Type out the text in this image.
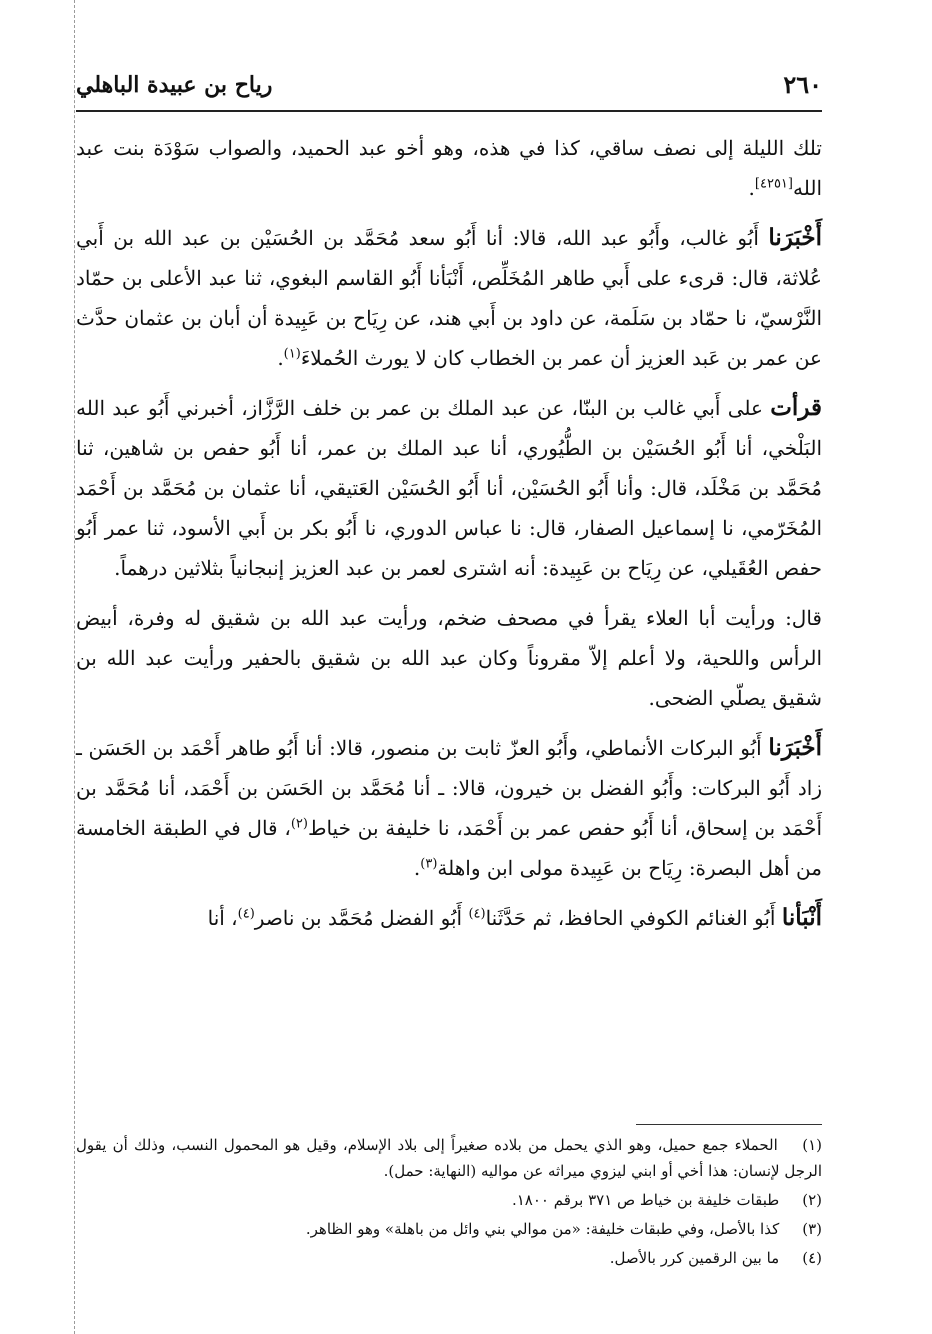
٢٦٠
رياح بن عبيدة الباهلي

تلك الليلة إلى نصف ساقي، كذا في هذه، وهو أخو عبد الحميد، والصواب سَوْدَة بنت عبد الله[٤٢٥١].

أَخْبَرَنا أَبُو غالب، وأَبُو عبد الله، قالا: أنا أَبُو سعد مُحَمَّد بن الحُسَيْن بن عبد الله بن أَبي عُلاثة، قال: قرىء على أَبي طاهر المُخَلِّص، أَنْبَأنا أَبُو القاسم البغوي، ثنا عبد الأعلى بن حمّاد النَّرْسيّ، نا حمّاد بن سَلَمة، عن داود بن أَبي هند، عن رِيَاح بن عَبِيدة أن أبان بن عثمان حدَّث عن عمر بن عَبد العزيز أن عمر بن الخطاب كان لا يورث الحُملاءَ$^{(١)}$.

قرأت على أَبي غالب بن البنّا، عن عبد الملك بن عمر بن خلف الرَّزَّاز، أخبرني أَبُو عبد الله البَلْخي، أنا أَبُو الحُسَيْن بن الطُّيُوري، أنا عبد الملك بن عمر، أنا أَبُو حفص بن شاهين، ثنا مُحَمَّد بن مَخْلَد، قال: وأنا أَبُو الحُسَيْن، أنا أَبُو الحُسَيْن العَتيقي، أنا عثمان بن مُحَمَّد بن أَحْمَد المُخَرّمي، نا إسماعيل الصفار، قال: نا عباس الدوري، نا أَبُو بكر بن أَبي الأسود، ثنا عمر أَبُو حفص العُقَيلي، عن رِيَاح بن عَبِيدة: أنه اشترى لعمر بن عبد العزيز إنبجانياً بثلاثين درهماً.

قال: ورأيت أبا العلاء يقرأ في مصحف ضخم، ورأيت عبد الله بن شقيق له وفرة، أبيض الرأس واللحية، ولا أعلم إلاّ مقروناً وكان عبد الله بن شقيق بالحفير ورأيت عبد الله بن شقيق يصلّي الضحى.

أَخْبَرَنا أَبُو البركات الأنماطي، وأَبُو العزّ ثابت بن منصور، قالا: أنا أَبُو طاهر أَحْمَد بن الحَسَن ـ زاد أَبُو البركات: وأَبُو الفضل بن خيرون، قالا: ـ أنا مُحَمَّد بن الحَسَن بن أَحْمَد، أنا مُحَمَّد بن أَحْمَد بن إسحاق، أنا أَبُو حفص عمر بن أَحْمَد، نا خليفة بن خياط$^{(٢)}$، قال في الطبقة الخامسة من أهل البصرة: رِيَاح بن عَبِيدة مولى ابن واهلة$^{(٣)}$.

أَنْبَأنا أَبُو الغنائم الكوفي الحافظ، ثم حَدَّثَنا$^{(٤)}$ أَبُو الفضل مُحَمَّد بن ناصر$^{(٤)}$، أنا

(١) الحملاء جمع حميل، وهو الذي يحمل من بلاده صغيراً إلى بلاد الإسلام، وقيل هو المحمول النسب، وذلك أن يقول الرجل لإنسان: هذا أخي أو ابني ليزوي ميراثه عن مواليه (النهاية: حمل).

(٢) طبقات خليفة بن خياط ص ٣٧١ برقم ١٨٠٠.

(٣) كذا بالأصل، وفي طبقات خليفة: «من موالي بني وائل من باهلة» وهو الظاهر.

(٤) ما بين الرقمين كرر بالأصل.
